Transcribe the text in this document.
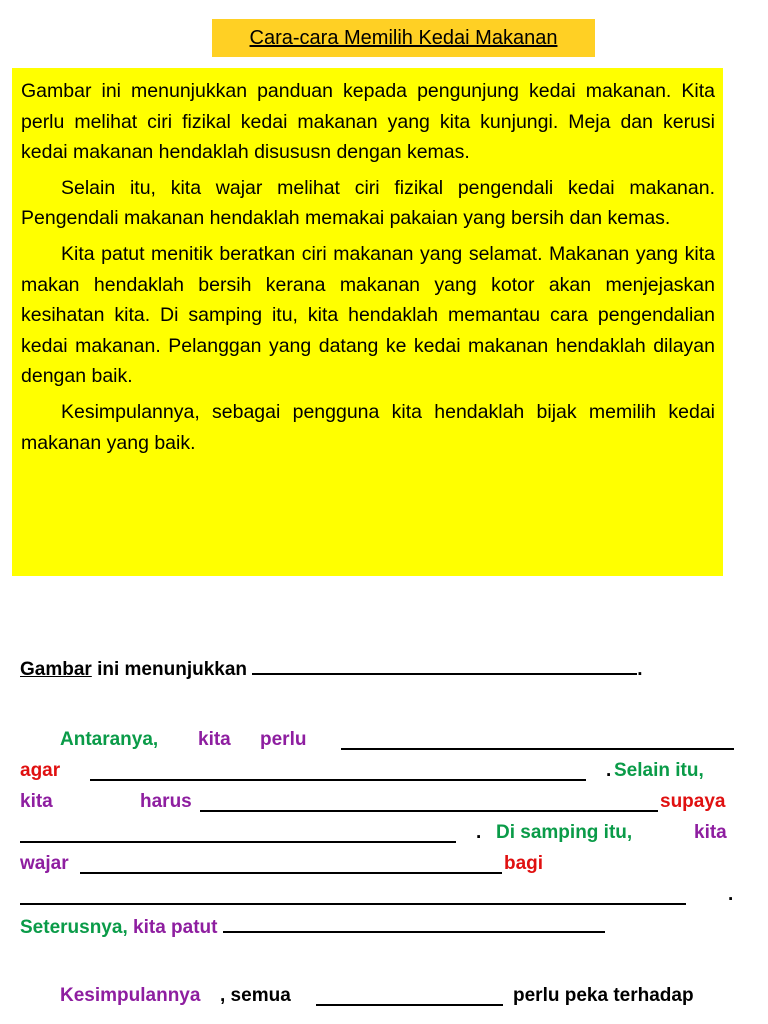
Cara-cara Memilih Kedai Makanan

Gambar ini menunjukkan panduan kepada pengunjung kedai makanan. Kita perlu melihat ciri fizikal kedai makanan yang kita kunjungi. Meja dan kerusi kedai makanan hendaklah disususn dengan kemas.

Selain itu, kita wajar melihat ciri fizikal pengendali kedai makanan. Pengendali makanan hendaklah memakai pakaian yang bersih dan kemas.

Kita patut menitik beratkan ciri makanan yang selamat. Makanan yang kita makan hendaklah bersih kerana makanan yang kotor akan menjejaskan kesihatan kita. Di samping itu, kita hendaklah memantau cara pengendalian kedai makanan. Pelanggan yang datang ke kedai makanan hendaklah dilayan dengan baik.

Kesimpulannya, sebagai pengguna kita hendaklah bijak memilih kedai makanan yang baik.

Gambar ini menunjukkan	.
Antaranya, kita perlu
agar	. Selain itu,
kita	harus	supaya
. Di samping itu,	kita
wajar	bagi
.
Seterusnya, kita patut
Kesimpulannya , semua	perlu peka terhadap
